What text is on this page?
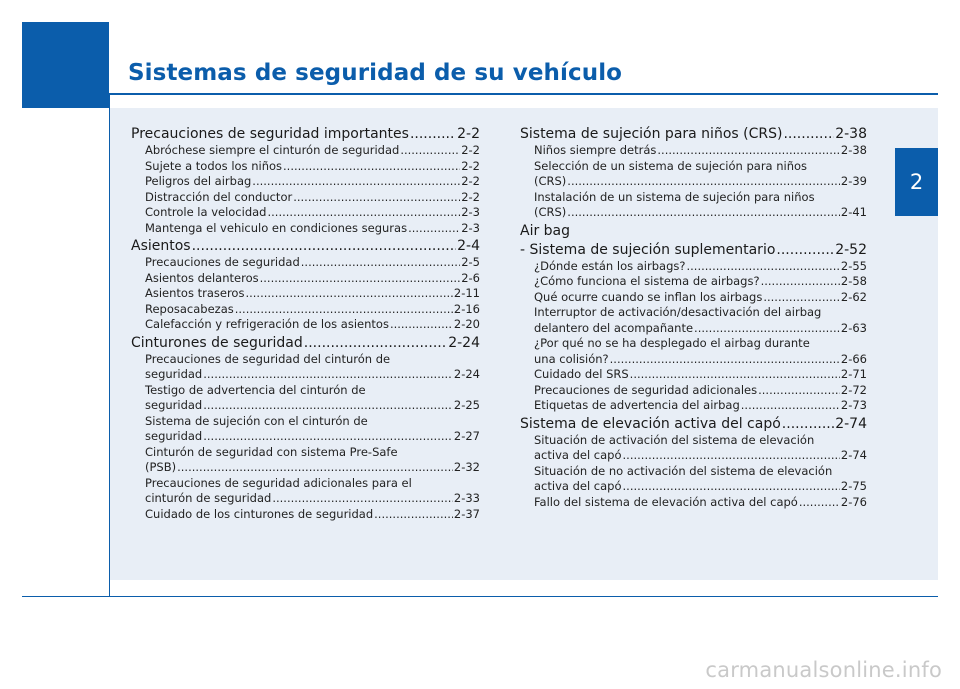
Sistemas de seguridad de su vehículo
2
Precauciones de seguridad importantes .....	2-2
Abróchese siempre el cinturón de seguridad .....	2-2
Sujete a todos los niños .....	2-2
Peligros del airbag .....	2-2
Distracción del conductor .....	2-2
Controle la velocidad .....	2-3
Mantenga el vehiculo en condiciones seguras .....	2-3
Asientos .....	2-4
Precauciones de seguridad .....	2-5
Asientos delanteros .....	2-6
Asientos traseros .....	2-11
Reposacabezas .....	2-16
Calefacción y refrigeración de los asientos .....	2-20
Cinturones de seguridad .....	2-24
Precauciones de seguridad del cinturón de
seguridad .....	2-24
Testigo de advertencia del cinturón de
seguridad .....	2-25
Sistema de sujeción con el cinturón de
seguridad .....	2-27
Cinturón de seguridad con sistema Pre-Safe
(PSB) .....	2-32
Precauciones de seguridad adicionales para el
cinturón de seguridad .....	2-33
Cuidado de los cinturones de seguridad .....	2-37
Sistema de sujeción para niños (CRS) .....	2-38
Niños siempre detrás .....	2-38
Selección de un sistema de sujeción para niños
(CRS) .....	2-39
Instalación de un sistema de sujeción para niños
(CRS) .....	2-41
Air bag
- Sistema de sujeción suplementario .....	2-52
¿Dónde están los airbags? .....	2-55
¿Cómo funciona el sistema de airbags? .....	2-58
Qué ocurre cuando se inflan los airbags .....	2-62
Interruptor de activación/desactivación del airbag
delantero del acompañante .....	2-63
¿Por qué no se ha desplegado el airbag durante
una colisión? .....	2-66
Cuidado del SRS .....	2-71
Precauciones de seguridad adicionales .....	2-72
Etiquetas de advertencia del airbag .....	2-73
Sistema de elevación activa del capó .....	2-74
Situación de activación del sistema de elevación
activa del capó .....	2-74
Situación de no activación del sistema de elevación
activa del capó .....	2-75
Fallo del sistema de elevación activa del capó .....	2-76
carmanualsonline.info
